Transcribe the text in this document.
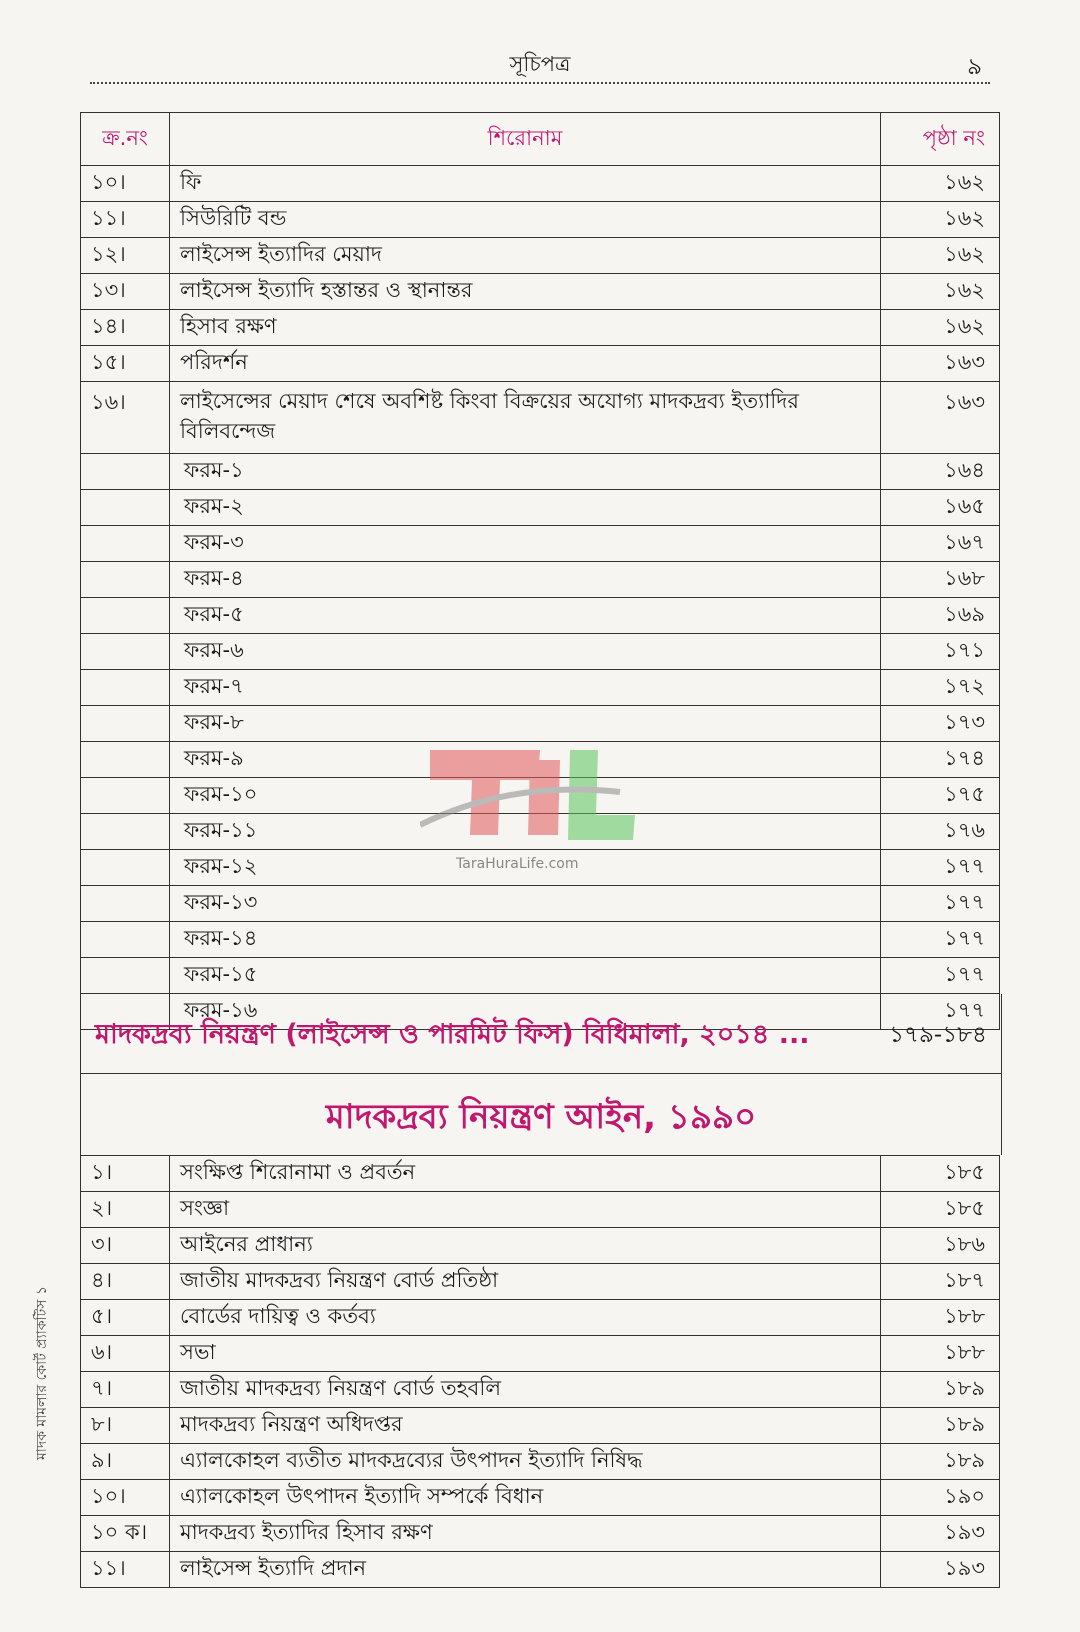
সূচিপত্র	৯
মাদক মামলার কোর্ট প্র্যাকটিস ১
ক্র.নং	শিরোনাম	পৃষ্ঠা নং
১০।	ফি	১৬২
১১।	সিউরিটি বন্ড	১৬২
১২।	লাইসেন্স ইত্যাদির মেয়াদ	১৬২
১৩।	লাইসেন্স ইত্যাদি হস্তান্তর ও স্থানান্তর	১৬২
১৪।	হিসাব রক্ষণ	১৬২
১৫।	পরিদর্শন	১৬৩
১৬।	লাইসেন্সের মেয়াদ শেষে অবশিষ্ট কিংবা বিক্রয়ের অযোগ্য মাদকদ্রব্য ইত্যাদির বিলিবন্দেজ	১৬৩
	ফরম-১	১৬৪
	ফরম-২	১৬৫
	ফরম-৩	১৬৭
	ফরম-৪	১৬৮
	ফরম-৫	১৬৯
	ফরম-৬	১৭১
	ফরম-৭	১৭২
	ফরম-৮	১৭৩
	ফরম-৯	১৭৪
	ফরম-১০	১৭৫
	ফরম-১১	১৭৬
	ফরম-১২	১৭৭
	ফরম-১৩	১৭৭
	ফরম-১৪	১৭৭
	ফরম-১৫	১৭৭
	ফরম-১৬	১৭৭
মাদকদ্রব্য নিয়ন্ত্রণ (লাইসেন্স ও পারমিট ফিস) বিধিমালা, ২০১৪ ...	১৭৯-১৮৪
মাদকদ্রব্য নিয়ন্ত্রণ আইন, ১৯৯০
১।	সংক্ষিপ্ত শিরোনামা ও প্রবর্তন	১৮৫
২।	সংজ্ঞা	১৮৫
৩।	আইনের প্রাধান্য	১৮৬
৪।	জাতীয় মাদকদ্রব্য নিয়ন্ত্রণ বোর্ড প্রতিষ্ঠা	১৮৭
৫।	বোর্ডের দায়িত্ব ও কর্তব্য	১৮৮
৬।	সভা	১৮৮
৭।	জাতীয় মাদকদ্রব্য নিয়ন্ত্রণ বোর্ড তহবলি	১৮৯
৮।	মাদকদ্রব্য নিয়ন্ত্রণ অধিদপ্তর	১৮৯
৯।	এ্যালকোহল ব্যতীত মাদকদ্রব্যের উৎপাদন ইত্যাদি নিষিদ্ধ	১৮৯
১০।	এ্যালকোহল উৎপাদন ইত্যাদি সম্পর্কে বিধান	১৯০
১০ ক।	মাদকদ্রব্য ইত্যাদির হিসাব রক্ষণ	১৯৩
১১।	লাইসেন্স ইত্যাদি প্রদান	১৯৩
TaraHuraLife.com
